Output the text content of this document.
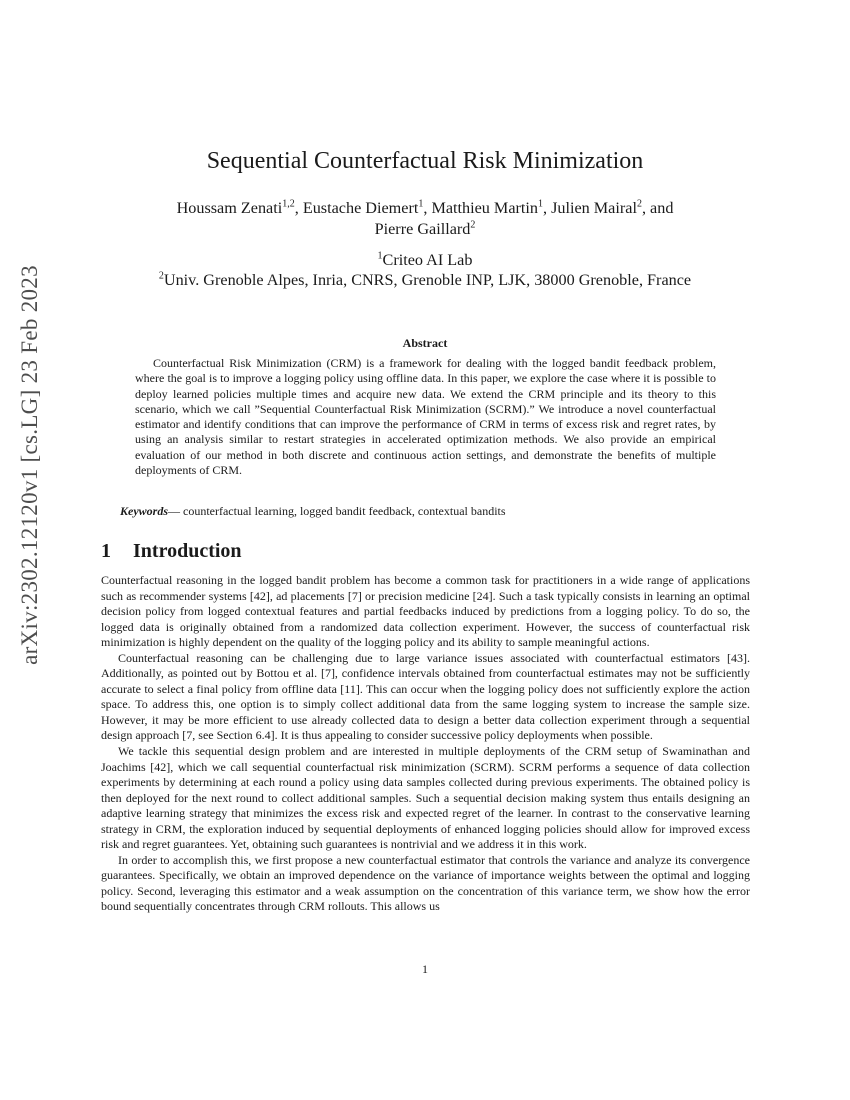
arXiv:2302.12120v1 [cs.LG] 23 Feb 2023
Sequential Counterfactual Risk Minimization
Houssam Zenati$^{1,2}$, Eustache Diemert$^1$, Matthieu Martin$^1$, Julien Mairal$^2$, and
Pierre Gaillard$^2$
$^1$Criteo AI Lab
$^2$Univ. Grenoble Alpes, Inria, CNRS, Grenoble INP, LJK, 38000 Grenoble, France
Abstract
Counterfactual Risk Minimization (CRM) is a framework for dealing with the logged bandit feedback problem, where the goal is to improve a logging policy using offline data. In this paper, we explore the case where it is possible to deploy learned policies multiple times and acquire new data. We extend the CRM principle and its theory to this scenario, which we call ”Sequential Counterfactual Risk Minimization (SCRM).” We introduce a novel counterfactual estimator and identify conditions that can improve the performance of CRM in terms of excess risk and regret rates, by using an analysis similar to restart strategies in accelerated optimization methods. We also provide an empirical evaluation of our method in both discrete and continuous action settings, and demonstrate the benefits of multiple deployments of CRM.
Keywords— counterfactual learning, logged bandit feedback, contextual bandits
1 Introduction

Counterfactual reasoning in the logged bandit problem has become a common task for practitioners in a wide range of applications such as recommender systems [42], ad placements [7] or precision medicine [24]. Such a task typically consists in learning an optimal decision policy from logged contextual features and partial feedbacks induced by predictions from a logging policy. To do so, the logged data is originally obtained from a randomized data collection experiment. However, the success of counterfactual risk minimization is highly dependent on the quality of the logging policy and its ability to sample meaningful actions.

Counterfactual reasoning can be challenging due to large variance issues associated with counterfactual estimators [43]. Additionally, as pointed out by Bottou et al. [7], confidence intervals obtained from counterfactual estimates may not be sufficiently accurate to select a final policy from offline data [11]. This can occur when the logging policy does not sufficiently explore the action space. To address this, one option is to simply collect additional data from the same logging system to increase the sample size. However, it may be more efficient to use already collected data to design a better data collection experiment through a sequential design approach [7, see Section 6.4]. It is thus appealing to consider successive policy deployments when possible.

We tackle this sequential design problem and are interested in multiple deployments of the CRM setup of Swaminathan and Joachims [42], which we call sequential counterfactual risk minimization (SCRM). SCRM performs a sequence of data collection experiments by determining at each round a policy using data samples collected during previous experiments. The obtained policy is then deployed for the next round to collect additional samples. Such a sequential decision making system thus entails designing an adaptive learning strategy that minimizes the excess risk and expected regret of the learner. In contrast to the conservative learning strategy in CRM, the exploration induced by sequential deployments of enhanced logging policies should allow for improved excess risk and regret guarantees. Yet, obtaining such guarantees is nontrivial and we address it in this work.

In order to accomplish this, we first propose a new counterfactual estimator that controls the variance and analyze its convergence guarantees. Specifically, we obtain an improved dependence on the variance of importance weights between the optimal and logging policy. Second, leveraging this estimator and a weak assumption on the concentration of this variance term, we show how the error bound sequentially concentrates through CRM rollouts. This allows us

1
